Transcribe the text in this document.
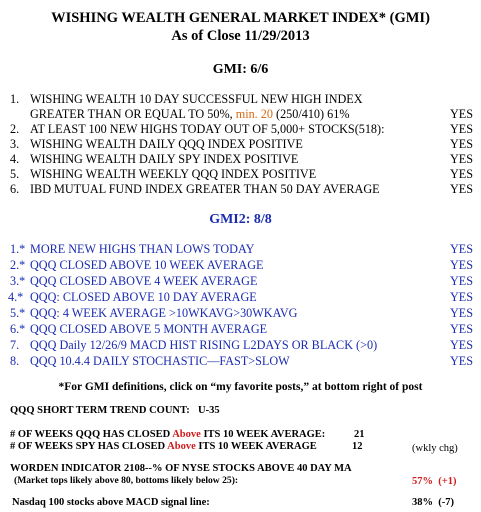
WISHING WEALTH GENERAL MARKET INDEX* (GMI)
As of Close 11/29/2013
GMI: 6/6
1. WISHING WEALTH 10 DAY SUCCESSFUL NEW HIGH INDEX
GREATER THAN OR EQUAL TO 50%, min. 20 (250/410) 61%	YES
2. AT LEAST 100 NEW HIGHS TODAY OUT OF 5,000+ STOCKS(518):	YES
3. WISHING WEALTH DAILY QQQ INDEX POSITIVE	YES
4. WISHING WEALTH DAILY SPY INDEX POSITIVE	YES
5. WISHING WEALTH WEEKLY QQQ INDEX POSITIVE	YES
6. IBD MUTUAL FUND INDEX GREATER THAN 50 DAY AVERAGE	YES
GMI2: 8/8
1.* MORE NEW HIGHS THAN LOWS TODAY	YES
2.* QQQ CLOSED ABOVE 10 WEEK AVERAGE	YES
3.* QQQ CLOSED ABOVE 4 WEEK AVERAGE	YES
4.* QQQ: CLOSED ABOVE 10 DAY AVERAGE	YES
5.* QQQ: 4 WEEK AVERAGE >10WKAVG>30WKAVG	YES
6.* QQQ CLOSED ABOVE 5 MONTH AVERAGE	YES
7. QQQ Daily 12/26/9 MACD HIST RISING L2DAYS OR BLACK (>0)	YES
8. QQQ 10.4.4 DAILY STOCHASTIC—FAST>SLOW	YES
*For GMI definitions, click on “my favorite posts,” at bottom right of post
QQQ SHORT TERM TREND COUNT: U-35
# OF WEEKS QQQ HAS CLOSED Above ITS 10 WEEK AVERAGE:	21
# OF WEEKS SPY HAS CLOSED Above ITS 10 WEEK AVERAGE	12	(wkly chg)
WORDEN INDICATOR 2108--% OF NYSE STOCKS ABOVE 40 DAY MA
(Market tops likely above 80, bottoms likely below 25):	57% (+1)
Nasdaq 100 stocks above MACD signal line:	38% (-7)
